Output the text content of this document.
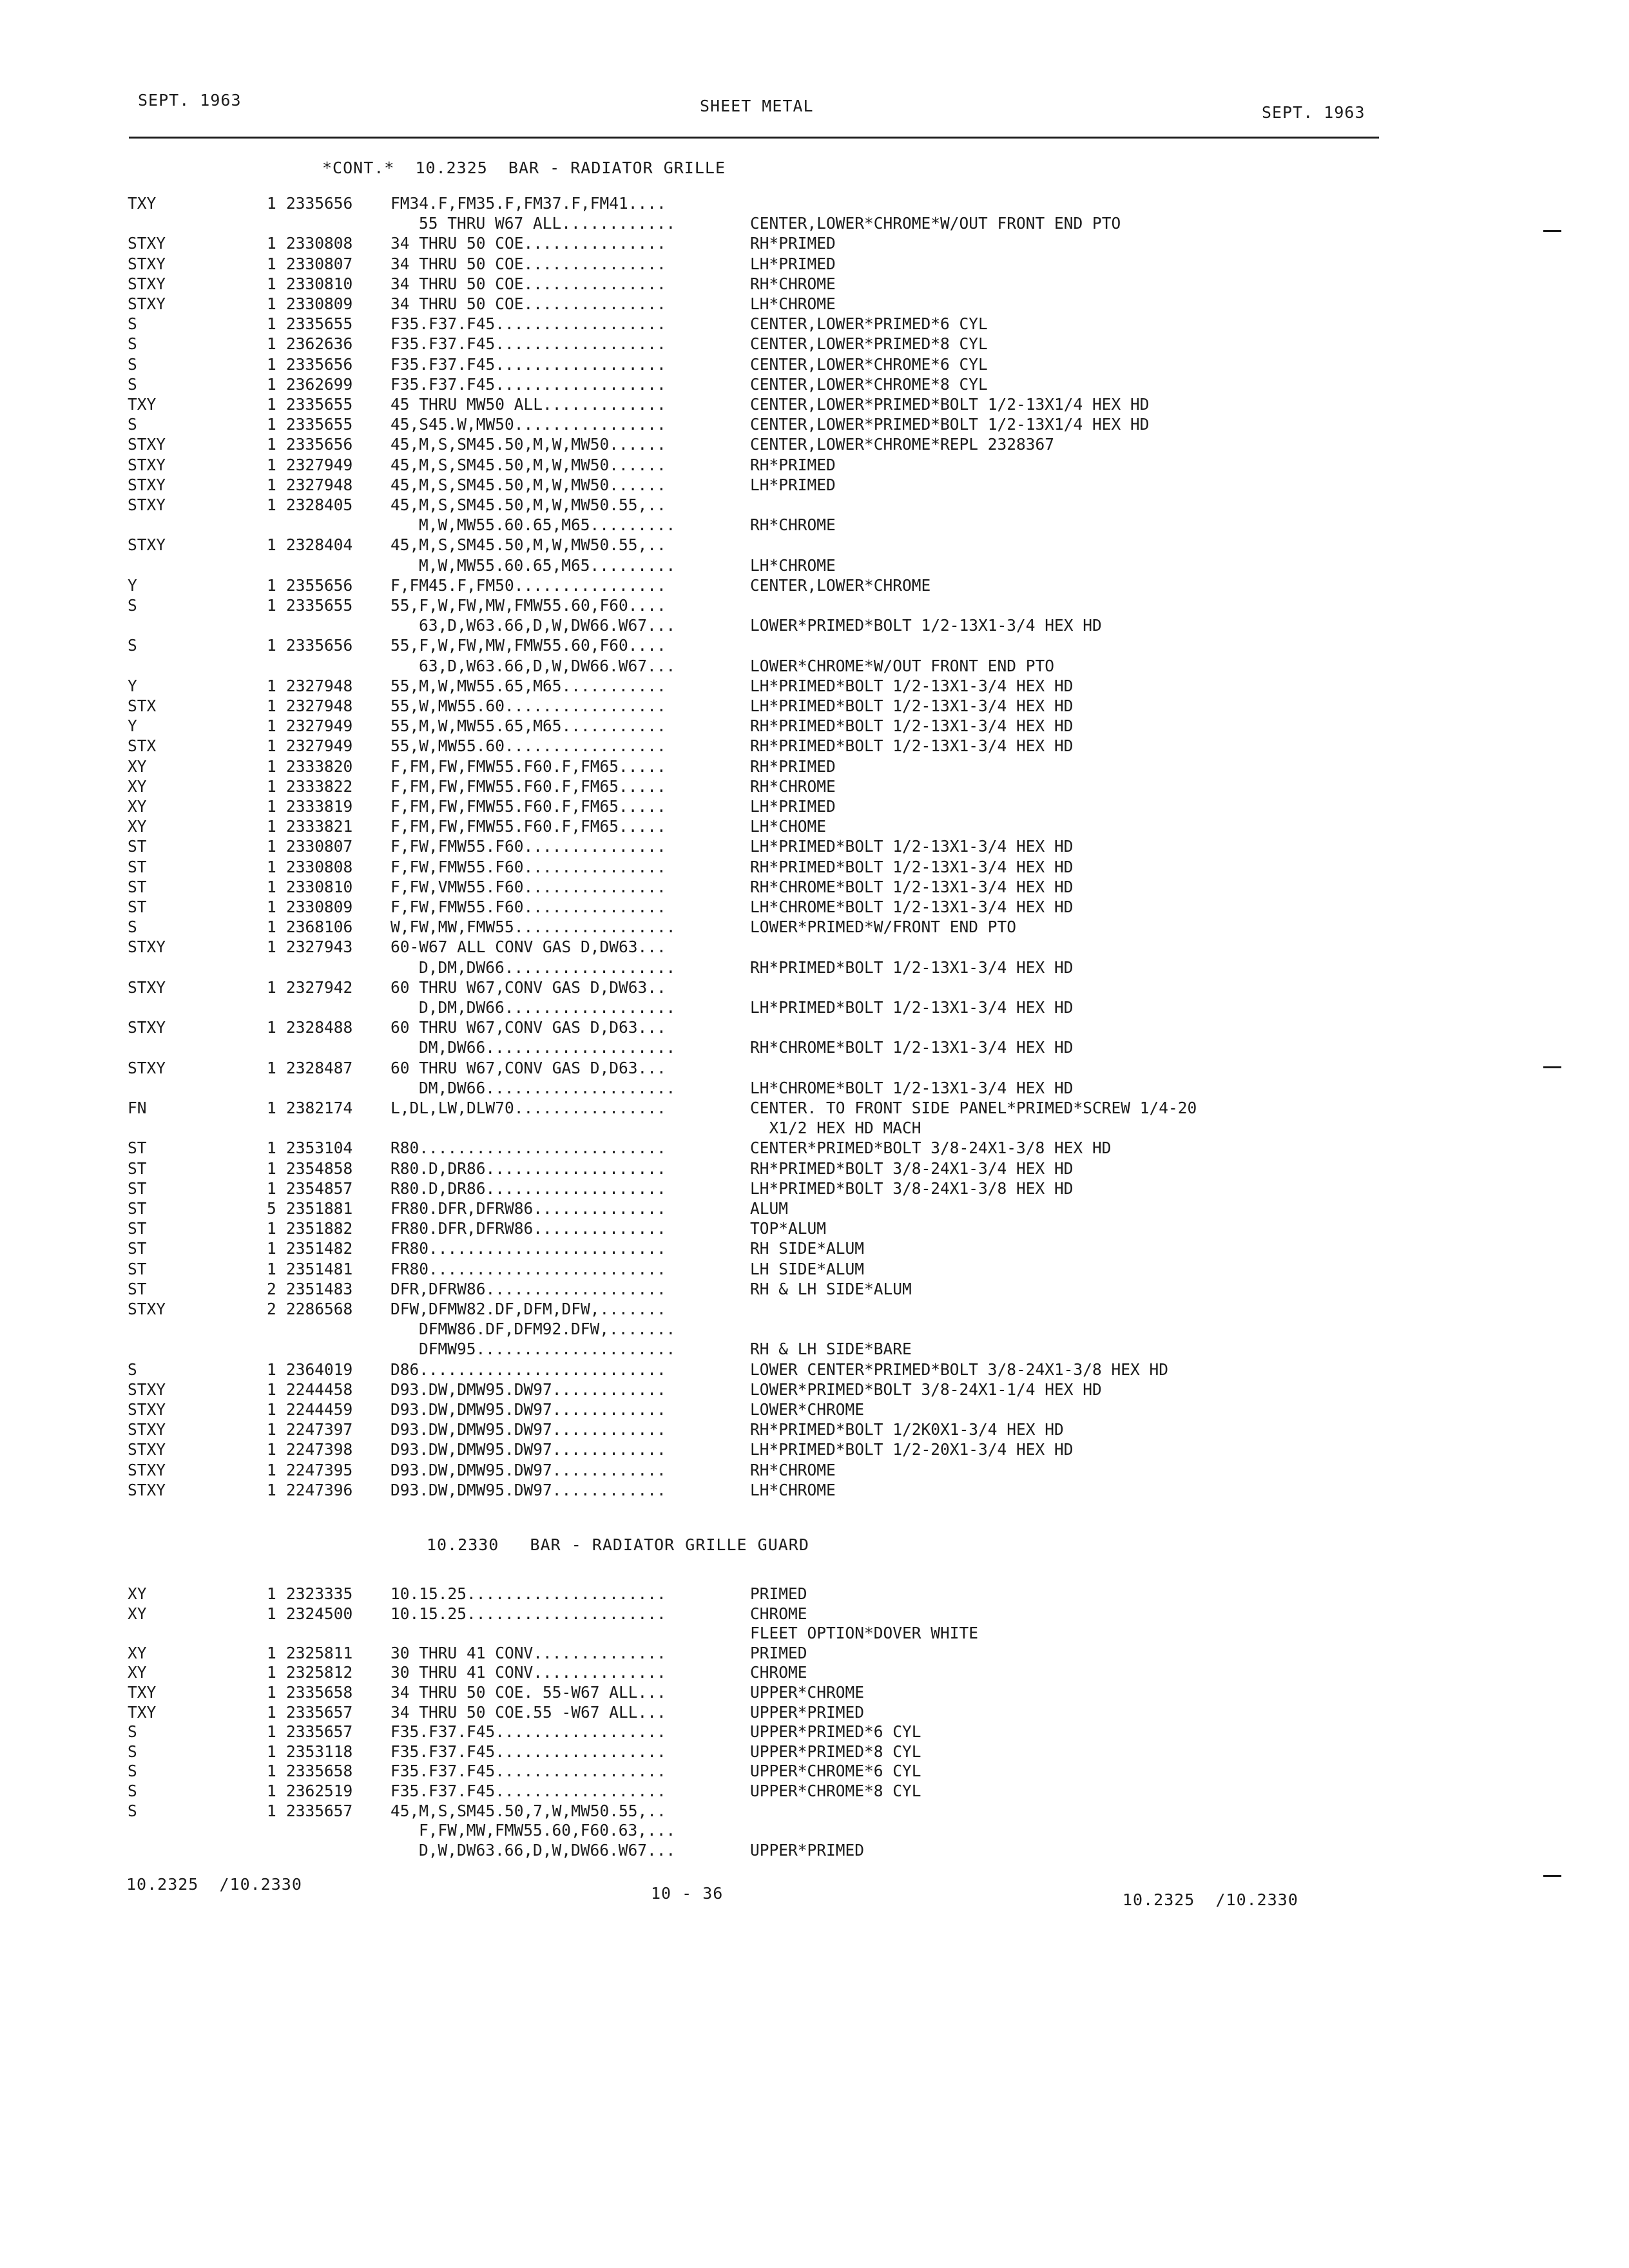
SEPT. 1963	SHEET METAL	SEPT. 1963
*CONT.*  10.2325  BAR - RADIATOR GRILLE
TXY	1 2335656 FM34.F,FM35.F,FM37.F,FM41....
55 THRU W67 ALL............	CENTER,LOWER*CHROME*W/OUT FRONT END PTO
STXY	1 2330808 34 THRU 50 COE...............	RH*PRIMED
STXY	1 2330807 34 THRU 50 COE...............	LH*PRIMED
STXY	1 2330810 34 THRU 50 COE...............	RH*CHROME
STXY	1 2330809 34 THRU 50 COE...............	LH*CHROME
S	1 2335655 F35.F37.F45..................	CENTER,LOWER*PRIMED*6 CYL
S	1 2362636 F35.F37.F45..................	CENTER,LOWER*PRIMED*8 CYL
S	1 2335656 F35.F37.F45..................	CENTER,LOWER*CHROME*6 CYL
S	1 2362699 F35.F37.F45..................	CENTER,LOWER*CHROME*8 CYL
TXY	1 2335655 45 THRU MW50 ALL.............	CENTER,LOWER*PRIMED*BOLT 1/2-13X1/4 HEX HD
S	1 2335655 45,S45.W,MW50................	CENTER,LOWER*PRIMED*BOLT 1/2-13X1/4 HEX HD
STXY	1 2335656 45,M,S,SM45.50,M,W,MW50......	CENTER,LOWER*CHROME*REPL 2328367
STXY	1 2327949 45,M,S,SM45.50,M,W,MW50......	RH*PRIMED
STXY	1 2327948 45,M,S,SM45.50,M,W,MW50......	LH*PRIMED
STXY	1 2328405 45,M,S,SM45.50,M,W,MW50.55,..
M,W,MW55.60.65,M65.........	RH*CHROME
STXY	1 2328404 45,M,S,SM45.50,M,W,MW50.55,..
M,W,MW55.60.65,M65.........	LH*CHROME
Y	1 2355656 F,FM45.F,FM50................	CENTER,LOWER*CHROME
S	1 2335655 55,F,W,FW,MW,FMW55.60,F60....
63,D,W63.66,D,W,DW66.W67...	LOWER*PRIMED*BOLT 1/2-13X1-3/4 HEX HD
S	1 2335656 55,F,W,FW,MW,FMW55.60,F60....
63,D,W63.66,D,W,DW66.W67...	LOWER*CHROME*W/OUT FRONT END PTO
Y	1 2327948 55,M,W,MW55.65,M65...........	LH*PRIMED*BOLT 1/2-13X1-3/4 HEX HD
STX	1 2327948 55,W,MW55.60.................	LH*PRIMED*BOLT 1/2-13X1-3/4 HEX HD
Y	1 2327949 55,M,W,MW55.65,M65...........	RH*PRIMED*BOLT 1/2-13X1-3/4 HEX HD
STX	1 2327949 55,W,MW55.60.................	RH*PRIMED*BOLT 1/2-13X1-3/4 HEX HD
XY	1 2333820 F,FM,FW,FMW55.F60.F,FM65.....	RH*PRIMED
XY	1 2333822 F,FM,FW,FMW55.F60.F,FM65.....	RH*CHROME
XY	1 2333819 F,FM,FW,FMW55.F60.F,FM65.....	LH*PRIMED
XY	1 2333821 F,FM,FW,FMW55.F60.F,FM65.....	LH*CHOME
ST	1 2330807 F,FW,FMW55.F60...............	LH*PRIMED*BOLT 1/2-13X1-3/4 HEX HD
ST	1 2330808 F,FW,FMW55.F60...............	RH*PRIMED*BOLT 1/2-13X1-3/4 HEX HD
ST	1 2330810 F,FW,VMW55.F60...............	RH*CHROME*BOLT 1/2-13X1-3/4 HEX HD
ST	1 2330809 F,FW,FMW55.F60...............	LH*CHROME*BOLT 1/2-13X1-3/4 HEX HD
S	1 2368106 W,FW,MW,FMW55.................	LOWER*PRIMED*W/FRONT END PTO
STXY	1 2327943 60-W67 ALL CONV GAS D,DW63...
D,DM,DW66..................	RH*PRIMED*BOLT 1/2-13X1-3/4 HEX HD
STXY	1 2327942 60 THRU W67,CONV GAS D,DW63..
D,DM,DW66..................	LH*PRIMED*BOLT 1/2-13X1-3/4 HEX HD
STXY	1 2328488 60 THRU W67,CONV GAS D,D63...
DM,DW66....................	RH*CHROME*BOLT 1/2-13X1-3/4 HEX HD
STXY	1 2328487 60 THRU W67,CONV GAS D,D63...
DM,DW66....................	LH*CHROME*BOLT 1/2-13X1-3/4 HEX HD
FN	1 2382174 L,DL,LW,DLW70................	CENTER. TO FRONT SIDE PANEL*PRIMED*SCREW 1/4-20
X1/2 HEX HD MACH
ST	1 2353104 R80..........................	CENTER*PRIMED*BOLT 3/8-24X1-3/8 HEX HD
ST	1 2354858 R80.D,DR86...................	RH*PRIMED*BOLT 3/8-24X1-3/4 HEX HD
ST	1 2354857 R80.D,DR86...................	LH*PRIMED*BOLT 3/8-24X1-3/8 HEX HD
ST	5 2351881 FR80.DFR,DFRW86..............	ALUM
ST	1 2351882 FR80.DFR,DFRW86..............	TOP*ALUM
ST	1 2351482 FR80.........................	RH SIDE*ALUM
ST	1 2351481 FR80.........................	LH SIDE*ALUM
ST	2 2351483 DFR,DFRW86...................	RH & LH SIDE*ALUM
STXY	2 2286568 DFW,DFMW82.DF,DFM,DFW,.......
DFMW86.DF,DFM92.DFW,.......
DFMW95.....................	RH & LH SIDE*BARE
S	1 2364019 D86..........................	LOWER CENTER*PRIMED*BOLT 3/8-24X1-3/8 HEX HD
STXY	1 2244458 D93.DW,DMW95.DW97............	LOWER*PRIMED*BOLT 3/8-24X1-1/4 HEX HD
STXY	1 2244459 D93.DW,DMW95.DW97............	LOWER*CHROME
STXY	1 2247397 D93.DW,DMW95.DW97............	RH*PRIMED*BOLT 1/2K0X1-3/4 HEX HD
STXY	1 2247398 D93.DW,DMW95.DW97............	LH*PRIMED*BOLT 1/2-20X1-3/4 HEX HD
STXY	1 2247395 D93.DW,DMW95.DW97............	RH*CHROME
STXY	1 2247396 D93.DW,DMW95.DW97............	LH*CHROME
10.2330   BAR - RADIATOR GRILLE GUARD
XY	1 2323335 10.15.25.....................	PRIMED
XY	1 2324500 10.15.25.....................	CHROME
FLEET OPTION*DOVER WHITE
XY	1 2325811 30 THRU 41 CONV..............	PRIMED
XY	1 2325812 30 THRU 41 CONV..............	CHROME
TXY	1 2335658 34 THRU 50 COE. 55-W67 ALL...	UPPER*CHROME
TXY	1 2335657 34 THRU 50 COE.55 -W67 ALL...	UPPER*PRIMED
S	1 2335657 F35.F37.F45..................	UPPER*PRIMED*6 CYL
S	1 2353118 F35.F37.F45..................	UPPER*PRIMED*8 CYL
S	1 2335658 F35.F37.F45..................	UPPER*CHROME*6 CYL
S	1 2362519 F35.F37.F45..................	UPPER*CHROME*8 CYL
S	1 2335657 45,M,S,SM45.50,7,W,MW50.55,..
F,FW,MW,FMW55.60,F60.63,...
D,W,DW63.66,D,W,DW66.W67...	UPPER*PRIMED
10.2325  /10.2330	10 - 36	10.2325  /10.2330
